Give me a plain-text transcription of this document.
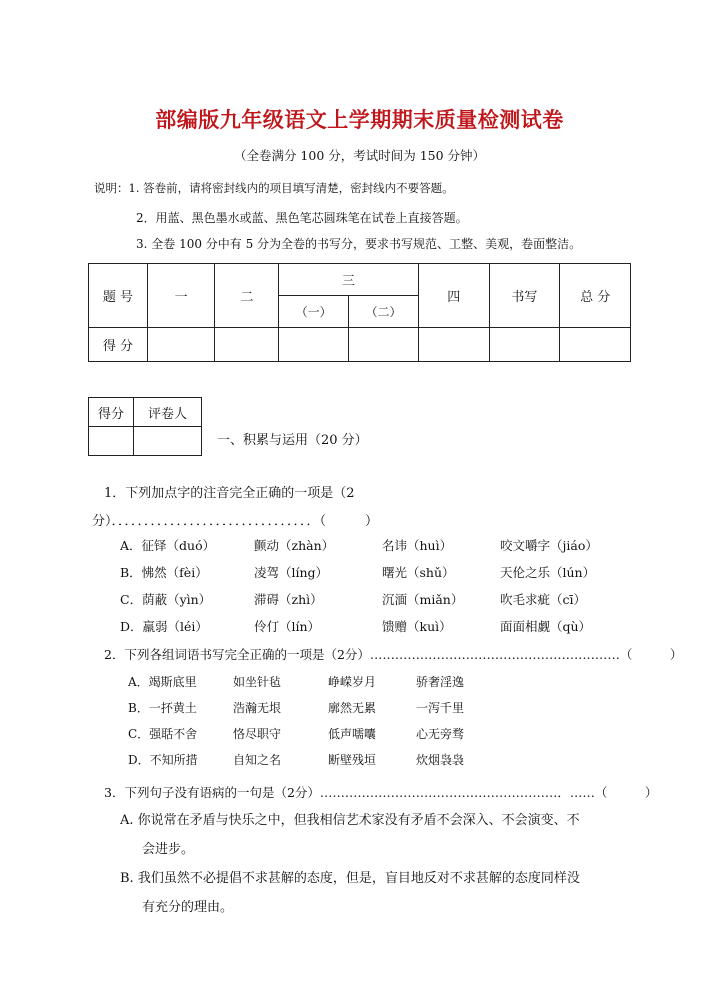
部编版九年级语文上学期期末质量检测试卷
（全卷满分 100 分，考试时间为 150 分钟）
说明：1. 答卷前，请将密封线内的项目填写清楚，密封线内不要答题。
2．用蓝、黑色墨水或蓝、黑色笔芯圆珠笔在试卷上直接答题。
3. 全卷 100 分中有 5 分为全卷的书写分，要求书写规范、工整、美观，卷面整洁。
题 号	一	二	三		四	书写	总 分
			（一）	（二）			
得 分							
得分	评卷人

一、积累与运用（20 分）
1．下列加点字的注音完全正确的一项是（2
分）．．．．．．．．．．．．．．．．．．．．．．．．．．．．．．．（　　　）
A．征铎（duó）	颤动（zhàn）	名讳（huì）	咬文嚼字（jiáo）
B．怫然（fèi）	凌驾（líng）	曙光（shǔ）	天伦之乐（lún）
C．荫蔽（yìn）	滞碍（zhì）	沉湎（miǎn）	吹毛求疵（cī）
D．羸弱（léi）	伶仃（lín）	馈赠（kuì）	面面相觑（qù）
2．下列各组词语书写完全正确的一项是（2分）……………………………………………………（　　　）
A．竭斯底里	如坐针毡	峥嵘岁月	骄奢淫逸
B．一抔黄土	浩瀚无垠	廓然无累	一泻千里
C．强聒不舍	恪尽职守	低声嚅囔	心无旁骛
D．不知所措	自知之名	断壁残垣	炊烟袅袅
3．下列句子没有语病的一句是（2分）…………………………………………………．……（　　　）
A. 你说常在矛盾与快乐之中，但我相信艺术家没有矛盾不会深入、不会演变、不
会进步。
B. 我们虽然不必提倡不求甚解的态度，但是，盲目地反对不求甚解的态度同样没
有充分的理由。
